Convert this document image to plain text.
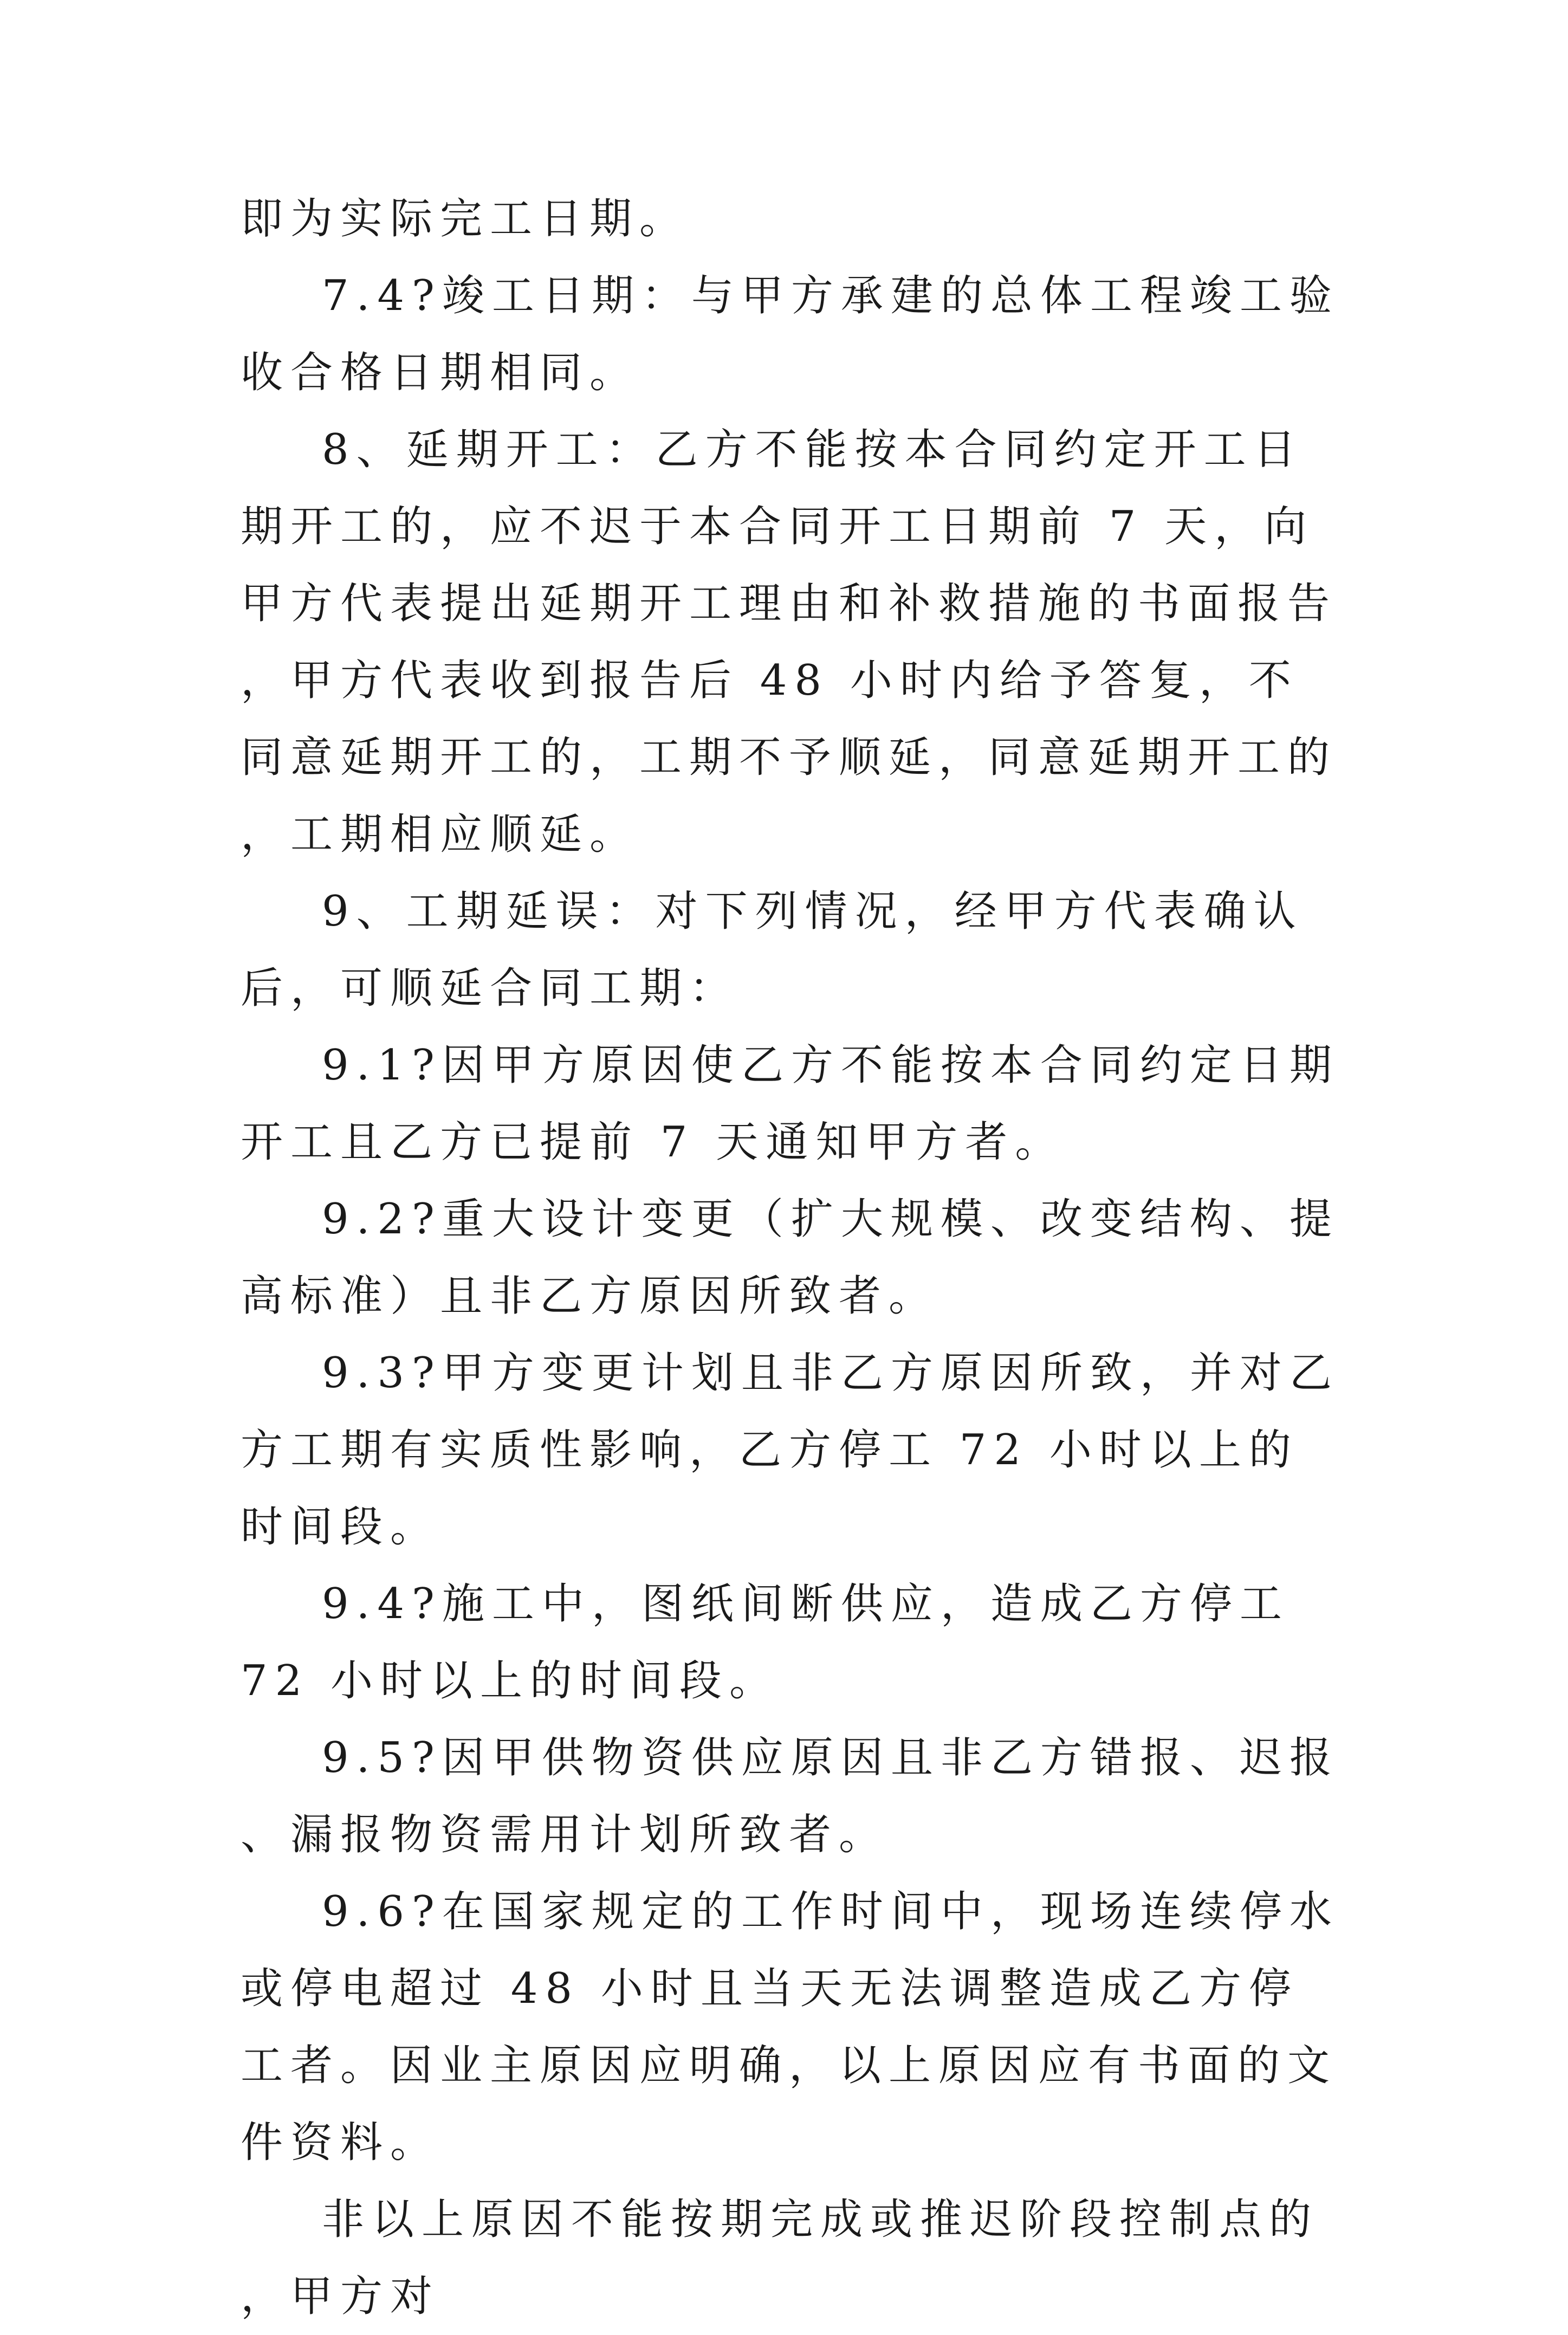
即为实际完工日期。

7.4?竣工日期：与甲方承建的总体工程竣工验收合格日期相同。

8、延期开工：乙方不能按本合同约定开工日期开工的，应不迟于本合同开工日期前 7 天，向甲方代表提出延期开工理由和补救措施的书面报告，甲方代表收到报告后 48 小时内给予答复，不同意延期开工的，工期不予顺延，同意延期开工的，工期相应顺延。

9、工期延误：对下列情况，经甲方代表确认后，可顺延合同工期：

9.1?因甲方原因使乙方不能按本合同约定日期开工且乙方已提前 7 天通知甲方者。

9.2?重大设计变更（扩大规模、改变结构、提高标准）且非乙方原因所致者。

9.3?甲方变更计划且非乙方原因所致，并对乙方工期有实质性影响，乙方停工 72 小时以上的时间段。

9.4?施工中，图纸间断供应，造成乙方停工 72 小时以上的时间段。

9.5?因甲供物资供应原因且非乙方错报、迟报、漏报物资需用计划所致者。

9.6?在国家规定的工作时间中，现场连续停水或停电超过 48 小时且当天无法调整造成乙方停工者。因业主原因应明确，以上原因应有书面的文件资料。

非以上原因不能按期完成或推迟阶段控制点的，甲方对
